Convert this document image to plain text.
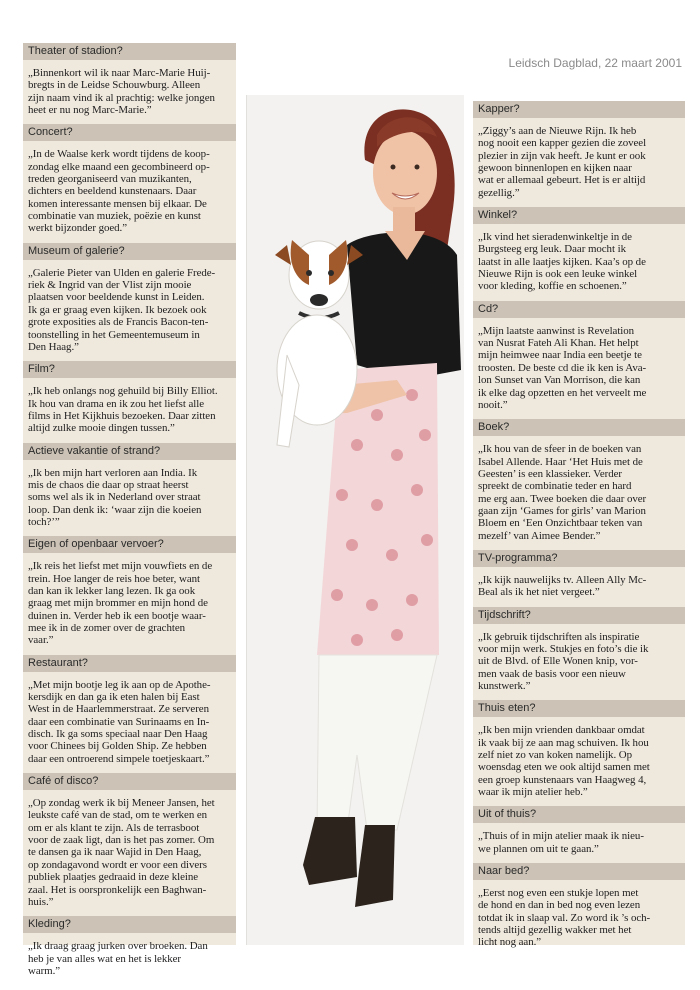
Leidsch Dagblad, 22 maart 2001
Theater of stadion?
„Binnenkort wil ik naar Marc-Marie Huij-
bregts in de Leidse Schouwburg. Alleen
zijn naam vind ik al prachtig: welke jongen
heet er nu nog Marc-Marie.”
Concert?
„In de Waalse kerk wordt tijdens de koop-
zondag elke maand een gecombineerd op-
treden georganiseerd van muzikanten,
dichters en beeldend kunstenaars. Daar
komen interessante mensen bij elkaar. De
combinatie van muziek, poëzie en kunst
werkt bijzonder goed.”
Museum of galerie?
„Galerie Pieter van Ulden en galerie Frede-
riek & Ingrid van der Vlist zijn mooie
plaatsen voor beeldende kunst in Leiden.
Ik ga er graag even kijken. Ik bezoek ook
grote exposities als de Francis Bacon-ten-
toonstelling in het Gemeentemuseum in
Den Haag.”
Film?
„Ik heb onlangs nog gehuild bij Billy Elliot.
Ik hou van drama en ik zou het liefst alle
films in Het Kijkhuis bezoeken. Daar zitten
altijd zulke mooie dingen tussen.”
Actieve vakantie of strand?
„Ik ben mijn hart verloren aan India. Ik
mis de chaos die daar op straat heerst
soms wel als ik in Nederland over straat
loop. Dan denk ik: ‘waar zijn die koeien
toch?’”
Eigen of openbaar vervoer?
„Ik reis het liefst met mijn vouwfiets en de
trein. Hoe langer de reis hoe beter, want
dan kan ik lekker lang lezen. Ik ga ook
graag met mijn brommer en mijn hond de
duinen in. Verder heb ik een bootje waar-
mee ik in de zomer over de grachten
vaar.”
Restaurant?
„Met mijn bootje leg ik aan op de Apothe-
kersdijk en dan ga ik eten halen bij East
West in de Haarlemmerstraat. Ze serveren
daar een combinatie van Surinaams en In-
disch. Ik ga soms speciaal naar Den Haag
voor Chinees bij Golden Ship. Ze hebben
daar een ontroerend simpele toetjeskaart.”
Café of disco?
„Op zondag werk ik bij Meneer Jansen, het
leukste café van de stad, om te werken en
om er als klant te zijn. Als de terrasboot
voor de zaak ligt, dan is het pas zomer. Om
te dansen ga ik naar Wajid in Den Haag,
op zondagavond wordt er voor een divers
publiek plaatjes gedraaid in deze kleine
zaal. Het is oorspronkelijk een Baghwan-
huis.”
Kleding?
„Ik draag graag jurken over broeken. Dan
heb je van alles wat en het is lekker
warm.”
Kapper?
„Ziggy’s aan de Nieuwe Rijn. Ik heb
nog nooit een kapper gezien die zoveel
plezier in zijn vak heeft. Je kunt er ook
gewoon binnenlopen en kijken naar
wat er allemaal gebeurt. Het is er altijd
gezellig.”
Winkel?
„Ik vind het sieradenwinkeltje in de
Burgsteeg erg leuk. Daar mocht ik
laatst in alle laatjes kijken. Kaa’s op de
Nieuwe Rijn is ook een leuke winkel
voor kleding, koffie en schoenen.”
Cd?
„Mijn laatste aanwinst is Revelation
van Nusrat Fateh Ali Khan. Het helpt
mijn heimwee naar India een beetje te
troosten. De beste cd die ik ken is Ava-
lon Sunset van Van Morrison, die kan
ik elke dag opzetten en het verveelt me
nooit.”
Boek?
„Ik hou van de sfeer in de boeken van
Isabel Allende. Haar ‘Het Huis met de
Geesten’ is een klassieker. Verder
spreekt de combinatie teder en hard
me erg aan. Twee boeken die daar over
gaan zijn ‘Games for girls’ van Marion
Bloem en ‘Een Onzichtbaar teken van
mezelf’ van Aimee Bender.”
TV-programma?
„Ik kijk nauwelijks tv. Alleen Ally Mc-
Beal als ik het niet vergeet.”
Tijdschrift?
„Ik gebruik tijdschriften als inspiratie
voor mijn werk. Stukjes en foto’s die ik
uit de Blvd. of Elle Wonen knip, vor-
men vaak de basis voor een nieuw
kunstwerk.”
Thuis eten?
„Ik ben mijn vrienden dankbaar omdat
ik vaak bij ze aan mag schuiven. Ik hou
zelf niet zo van koken namelijk. Op
woensdag eten we ook altijd samen met
een groep kunstenaars van Haagweg 4,
waar ik mijn atelier heb.”
Uit of thuis?
„Thuis of in mijn atelier maak ik nieu-
we plannen om uit te gaan.”
Naar bed?
„Eerst nog even een stukje lopen met
de hond en dan in bed nog even lezen
totdat ik in slaap val. Zo word ik ’s och-
tends altijd gezellig wakker met het
licht nog aan.”
